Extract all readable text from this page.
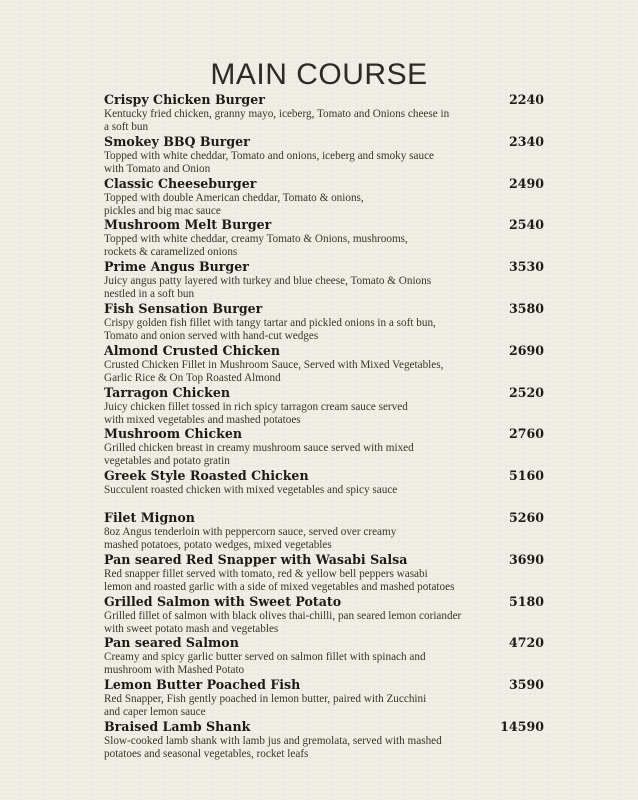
MAIN COURSE
Crispy Chicken Burger	2240
Kentucky fried chicken, granny mayo, iceberg, Tomato and Onions cheese in
a soft bun
Smokey BBQ Burger	2340
Topped with white cheddar, Tomato and onions, iceberg and smoky sauce
with Tomato and Onion
Classic Cheeseburger	2490
Topped with double American cheddar, Tomato & onions,
pickles and big mac sauce
Mushroom Melt Burger	2540
Topped with white cheddar, creamy Tomato & Onions, mushrooms,
rockets & caramelized onions
Prime Angus Burger	3530
Juicy angus patty layered with turkey and blue cheese, Tomato & Onions
nestled in a soft bun
Fish Sensation Burger	3580
Crispy golden fish fillet with tangy tartar and pickled onions in a soft bun,
Tomato and onion served with hand-cut wedges
Almond Crusted Chicken	2690
Crusted Chicken Fillet in Mushroom Sauce, Served with Mixed Vegetables,
Garlic Rice & On Top Roasted Almond
Tarragon Chicken	2520
Juicy chicken fillet tossed in rich spicy tarragon cream sauce served
with mixed vegetables and mashed potatoes
Mushroom Chicken	2760
Grilled chicken breast in creamy mushroom sauce served with mixed
vegetables and potato gratin
Greek Style Roasted Chicken	5160
Succulent roasted chicken with mixed vegetables and spicy sauce
Filet Mignon	5260
8oz Angus tenderloin with peppercorn sauce, served over creamy
mashed potatoes, potato wedges, mixed vegetables
Pan seared Red Snapper with Wasabi Salsa	3690
Red snapper fillet served with tomato, red & yellow bell peppers wasabi
lemon and roasted garlic with a side of mixed vegetables and mashed potatoes
Grilled Salmon with Sweet Potato	5180
Grilled fillet of salmon with black olives thai-chilli, pan seared lemon coriander
with sweet potato mash and vegetables
Pan seared Salmon	4720
Creamy and spicy garlic butter served on salmon fillet with spinach and
mushroom with Mashed Potato
Lemon Butter Poached Fish	3590
Red Snapper, Fish gently poached in lemon butter, paired with Zucchini
and caper lemon sauce
Braised Lamb Shank	14590
Slow-cooked lamb shank with lamb jus and gremolata, served with mashed
potatoes and seasonal vegetables, rocket leafs
